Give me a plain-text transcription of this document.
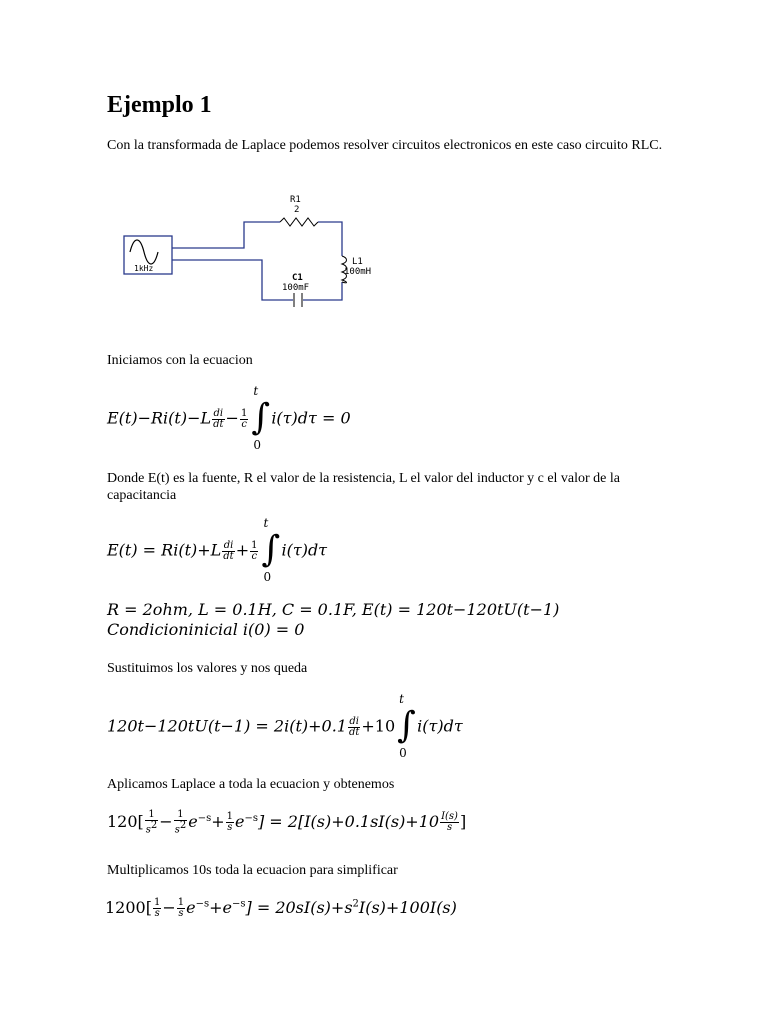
Ejemplo 1

Con la transformada de Laplace podemos resolver circuitos electronicos en este caso circuito RLC.

1kHz
R1
2
L1
100mH
C1
100mF

Iniciamos con la ecuacion

$E(t)-Ri(t)-L \frac{di}{dt} - \frac{1}{c}$
t
∫
0
i(τ)dτ = 0

Donde E(t) es la fuente, R el valor de la resistencia, L el valor del inductor y c el valor de la capacitancia

$E(t) = Ri(t)+L \frac{di}{dt} + \frac{1}{c}$
t
∫
0
i(τ)dτ
R = 2ohm, L = 0.1H, C = 0.1F, E(t) = 120t−120tU(t−1)
Condicioninicial i(0) = 0

Sustituimos los valores y nos queda

$120t-120tU(t-1) = 2i(t)+0.1 \frac{di}{dt} +10$
t
∫
0
i(τ)dτ

Aplicamos Laplace a toda la ecuacion y obtenemos

$120[ \frac{1}{s^2} - \frac{1}{s^2} e^{-s}+ \frac{1}{s} e^{-s}] = 2[I(s)+0.1sI(s)+10 \frac{I(s)}{s}$ ]

Multiplicamos 10s toda la ecuacion para simplificar

$1200[ \frac{1}{s} - \frac{1}{s} e^{-s}+e^{-s}] = 20sI(s)+s^2I(s)+100I(s)$
